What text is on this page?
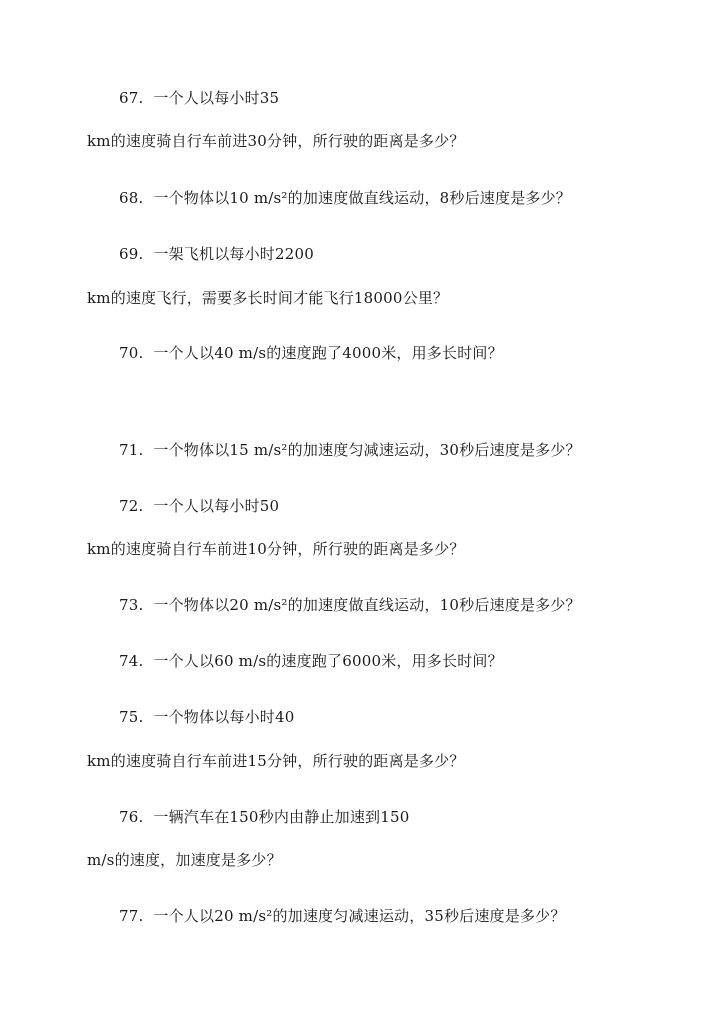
67. 一个人以每小时35
km的速度骑自行车前进30分钟，所行驶的距离是多少？
68. 一个物体以10 m/s²的加速度做直线运动，8秒后速度是多少？
69. 一架飞机以每小时2200
km的速度飞行，需要多长时间才能飞行18000公里？
70. 一个人以40 m/s的速度跑了4000米，用多长时间？
71. 一个物体以15 m/s²的加速度匀减速运动，30秒后速度是多少？
72. 一个人以每小时50
km的速度骑自行车前进10分钟，所行驶的距离是多少？
73. 一个物体以20 m/s²的加速度做直线运动，10秒后速度是多少？
74. 一个人以60 m/s的速度跑了6000米，用多长时间？
75. 一个物体以每小时40
km的速度骑自行车前进15分钟，所行驶的距离是多少？
76. 一辆汽车在150秒内由静止加速到150
m/s的速度，加速度是多少？
77. 一个人以20 m/s²的加速度匀减速运动，35秒后速度是多少？
